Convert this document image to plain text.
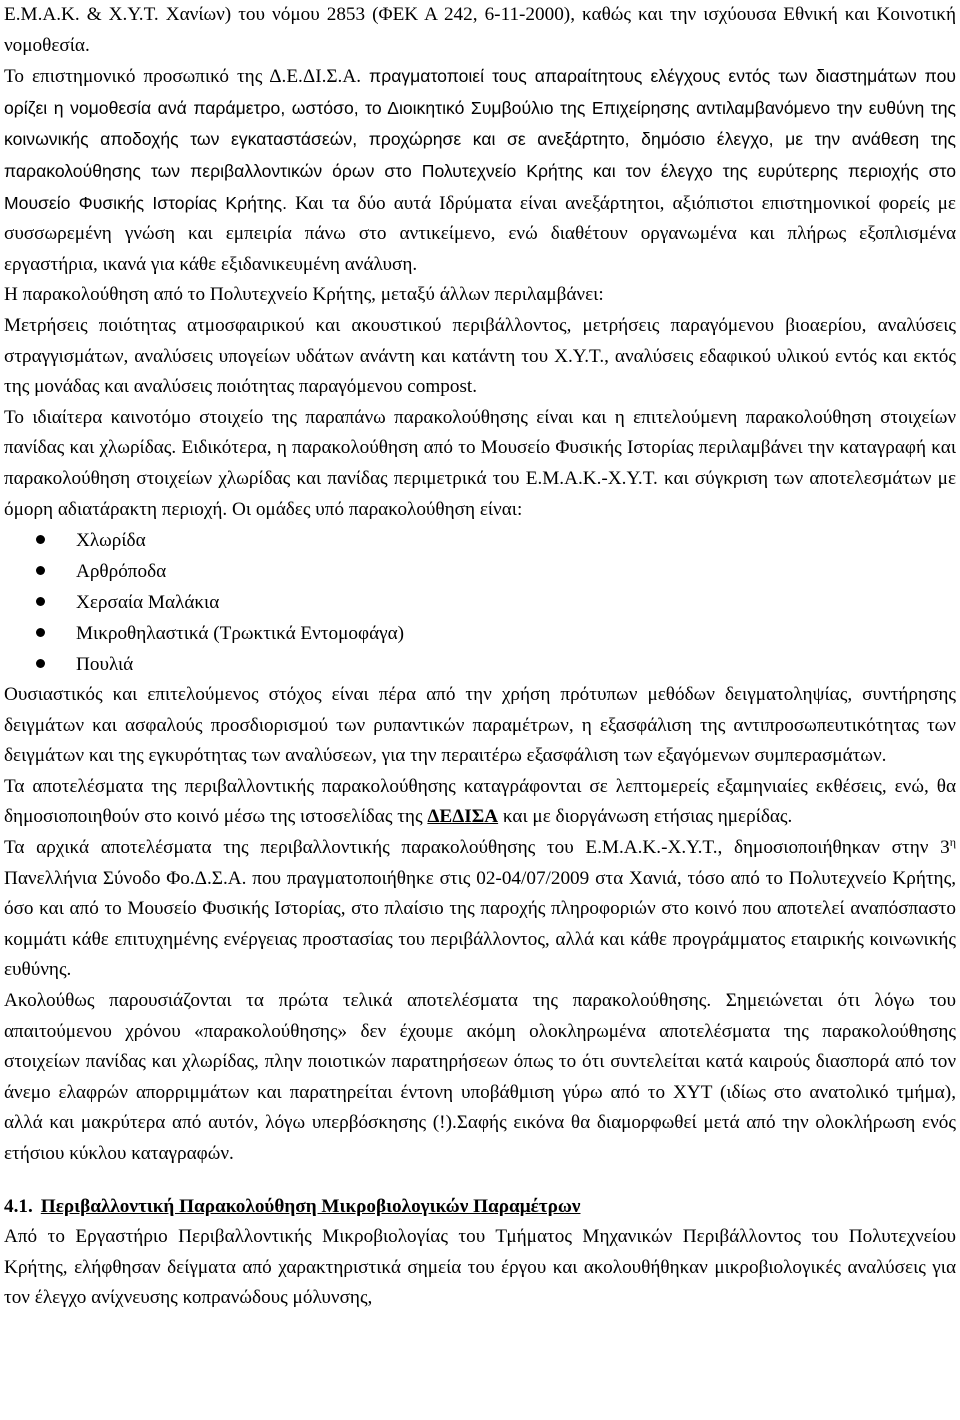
Ε.Μ.Α.Κ. & Χ.Υ.Τ. Χανίων) του νόμου 2853 (ΦΕΚ Α 242, 6-11-2000), καθώς και την ισχύουσα Εθνική και Κοινοτική νομοθεσία.

Το επιστημονικό προσωπικό της Δ.Ε.ΔΙ.Σ.Α. πραγματοποιεί τους απαραίτητους ελέγχους εντός των διαστημάτων που ορίζει η νομοθεσία ανά παράμετρο, ωστόσο, το Διοικητικό Συμβούλιο της Επιχείρησης αντιλαμβανόμενο την ευθύνη της κοινωνικής αποδοχής των εγκαταστάσεών, προχώρησε και σε ανεξάρτητο, δημόσιο έλεγχο, με την ανάθεση της παρακολούθησης των περιβαλλοντικών όρων στο Πολυτεχνείο Κρήτης και τον έλεγχο της ευρύτερης περιοχής στο Μουσείο Φυσικής Ιστορίας Κρήτης. Και τα δύο αυτά Ιδρύματα είναι ανεξάρτητοι, αξιόπιστοι επιστημονικοί φορείς με συσσωρεμένη γνώση και εμπειρία πάνω στο αντικείμενο, ενώ διαθέτουν οργανωμένα και πλήρως εξοπλισμένα εργαστήρια, ικανά για κάθε εξιδανικευμένη ανάλυση.

Η παρακολούθηση από το Πολυτεχνείο Κρήτης, μεταξύ άλλων περιλαμβάνει:

Μετρήσεις ποιότητας ατμοσφαιρικού και ακουστικού περιβάλλοντος, μετρήσεις παραγόμενου βιοαερίου, αναλύσεις στραγγισμάτων, αναλύσεις υπογείων υδάτων ανάντη και κατάντη του Χ.Υ.Τ., αναλύσεις εδαφικού υλικού εντός και εκτός της μονάδας και αναλύσεις ποιότητας παραγόμενου compost.

Το ιδιαίτερα καινοτόμο στοιχείο της παραπάνω παρακολούθησης είναι και η επιτελούμενη παρακολούθηση στοιχείων πανίδας και χλωρίδας. Ειδικότερα, η παρακολούθηση από το Μουσείο Φυσικής Ιστορίας περιλαμβάνει την καταγραφή και παρακολούθηση στοιχείων χλωρίδας και πανίδας περιμετρικά του Ε.Μ.Α.Κ.-Χ.Υ.Τ. και σύγκριση των αποτελεσμάτων με όμορη αδιατάρακτη περιοχή. Οι ομάδες υπό παρακολούθηση είναι:

Χλωρίδα
Αρθρόποδα
Χερσαία Μαλάκια
Μικροθηλαστικά (Τρωκτικά Εντομοφάγα)
Πουλιά

Ουσιαστικός και επιτελούμενος στόχος είναι πέρα από την χρήση πρότυπων μεθόδων δειγματοληψίας, συντήρησης δειγμάτων και ασφαλούς προσδιορισμού των ρυπαντικών παραμέτρων, η εξασφάλιση της αντιπροσωπευτικότητας των δειγμάτων και της εγκυρότητας των αναλύσεων, για την περαιτέρω εξασφάλιση των εξαγόμενων συμπερασμάτων.

Τα αποτελέσματα της περιβαλλοντικής παρακολούθησης καταγράφονται σε λεπτομερείς εξαμηνιαίες εκθέσεις, ενώ, θα δημοσιοποιηθούν στο κοινό μέσω της ιστοσελίδας της ΔΕΔΙΣΑ και με διοργάνωση ετήσιας ημερίδας.

Τα αρχικά αποτελέσματα της περιβαλλοντικής παρακολούθησης του Ε.Μ.Α.Κ.-Χ.Υ.Τ., δημοσιοποιήθηκαν στην $3^\eta$ Πανελλήνια Σύνοδο Φο.Δ.Σ.Α. που πραγματοποιήθηκε στις 02-04/07/2009 στα Χανιά, τόσο από το Πολυτεχνείο Κρήτης, όσο και από το Μουσείο Φυσικής Ιστορίας, στο πλαίσιο της παροχής πληροφοριών στο κοινό που αποτελεί αναπόσπαστο κομμάτι κάθε επιτυχημένης ενέργειας προστασίας του περιβάλλοντος, αλλά και κάθε προγράμματος εταιρικής κοινωνικής ευθύνης.

Ακολούθως παρουσιάζονται τα πρώτα τελικά αποτελέσματα της παρακολούθησης. Σημειώνεται ότι λόγω του απαιτούμενου χρόνου «παρακολούθησης» δεν έχουμε ακόμη ολοκληρωμένα αποτελέσματα της παρακολούθησης στοιχείων πανίδας και χλωρίδας, πλην ποιοτικών παρατηρήσεων όπως το ότι συντελείται κατά καιρούς διασπορά από τον άνεμο ελαφρών απορριμμάτων και παρατηρείται έντονη υποβάθμιση γύρω από το ΧΥΤ (ιδίως στο ανατολικό τμήμα), αλλά και μακρύτερα από αυτόν, λόγω υπερβόσκησης (!).Σαφής εικόνα θα διαμορφωθεί μετά από την ολοκλήρωση ενός ετήσιου κύκλου καταγραφών.

4.1. Περιβαλλοντική Παρακολούθηση Μικροβιολογικών Παραμέτρων

Από το Εργαστήριο Περιβαλλοντικής Μικροβιολογίας του Τμήματος Μηχανικών Περιβάλλοντος του Πολυτεχνείου Κρήτης, ελήφθησαν δείγματα από χαρακτηριστικά σημεία του έργου και ακολουθήθηκαν μικροβιολογικές αναλύσεις για τον έλεγχο ανίχνευσης κοπρανώδους μόλυνσης,
